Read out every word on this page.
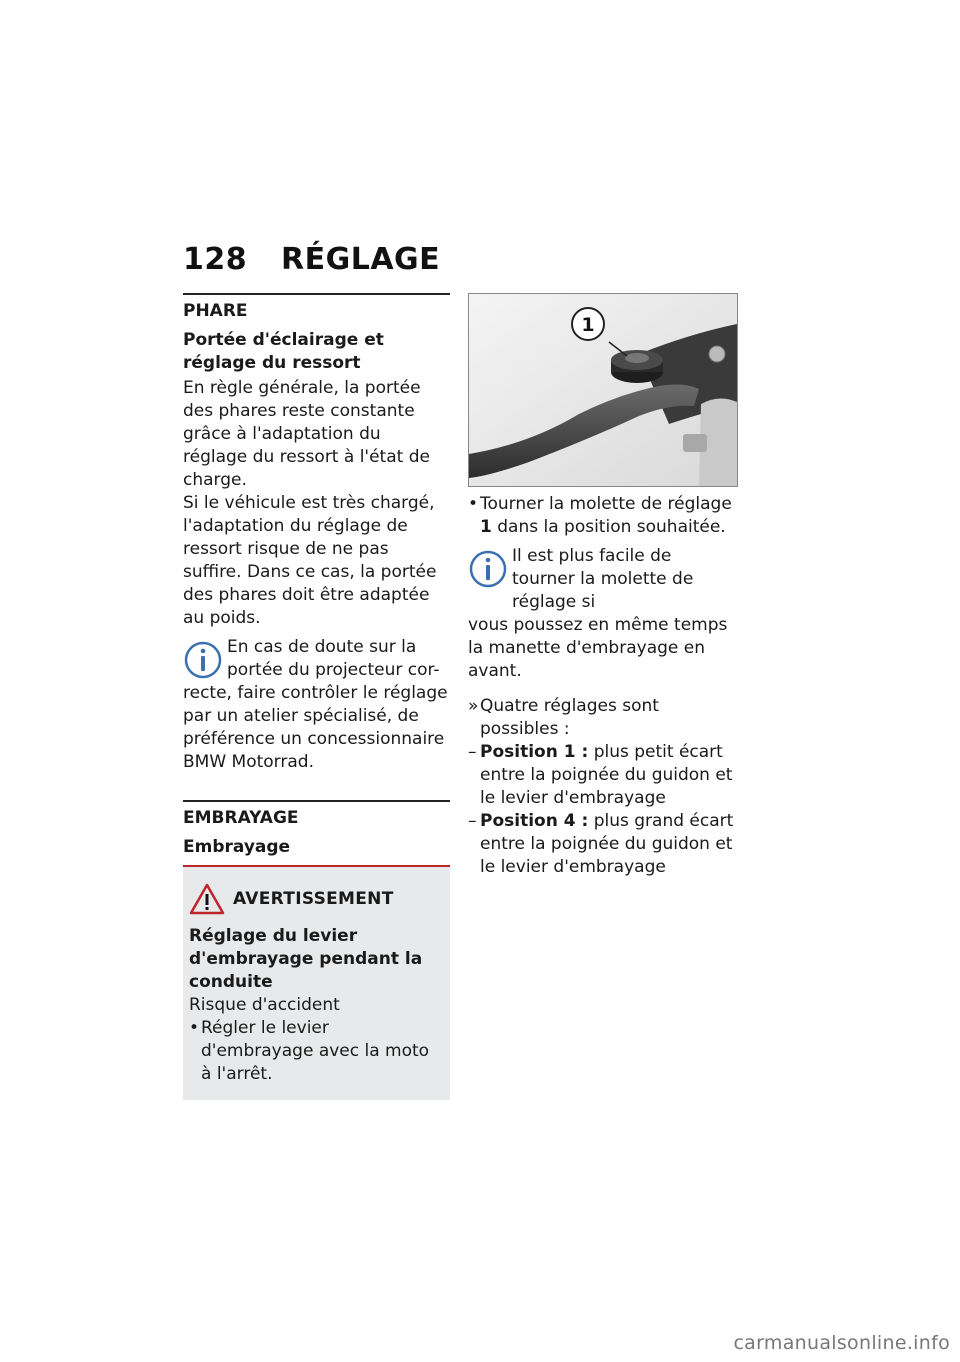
128 RÉGLAGE
PHARE
Portée d'éclairage et réglage du ressort

En règle générale, la portée des phares reste constante grâce à l'adaptation du réglage du ressort à l'état de charge.

Si le véhicule est très chargé, l'adaptation du réglage de ressort risque de ne pas suffire. Dans ce cas, la portée des phares doit être adaptée au poids.

En cas de doute sur la portée du projecteur cor-

recte, faire contrôler le réglage par un atelier spécialisé, de préférence un concessionnaire BMW Motorrad.

EMBRAYAGE
Embrayage
AVERTISSEMENT
Réglage du levier d'embrayage pendant la conduite

Risque d'accident

• Régler le levier d'embrayage avec la moto à l'arrêt.
1
• Tourner la molette de réglage 1 dans la position souhaitée.

Il est plus facile de tourner la molette de réglage si

vous poussez en même temps la manette d'embrayage en avant.

» Quatre réglages sont possibles :
– Position 1 : plus petit écart entre la poignée du guidon et le levier d'embrayage
– Position 4 : plus grand écart entre la poignée du guidon et le levier d'embrayage
carmanualsonline.info
